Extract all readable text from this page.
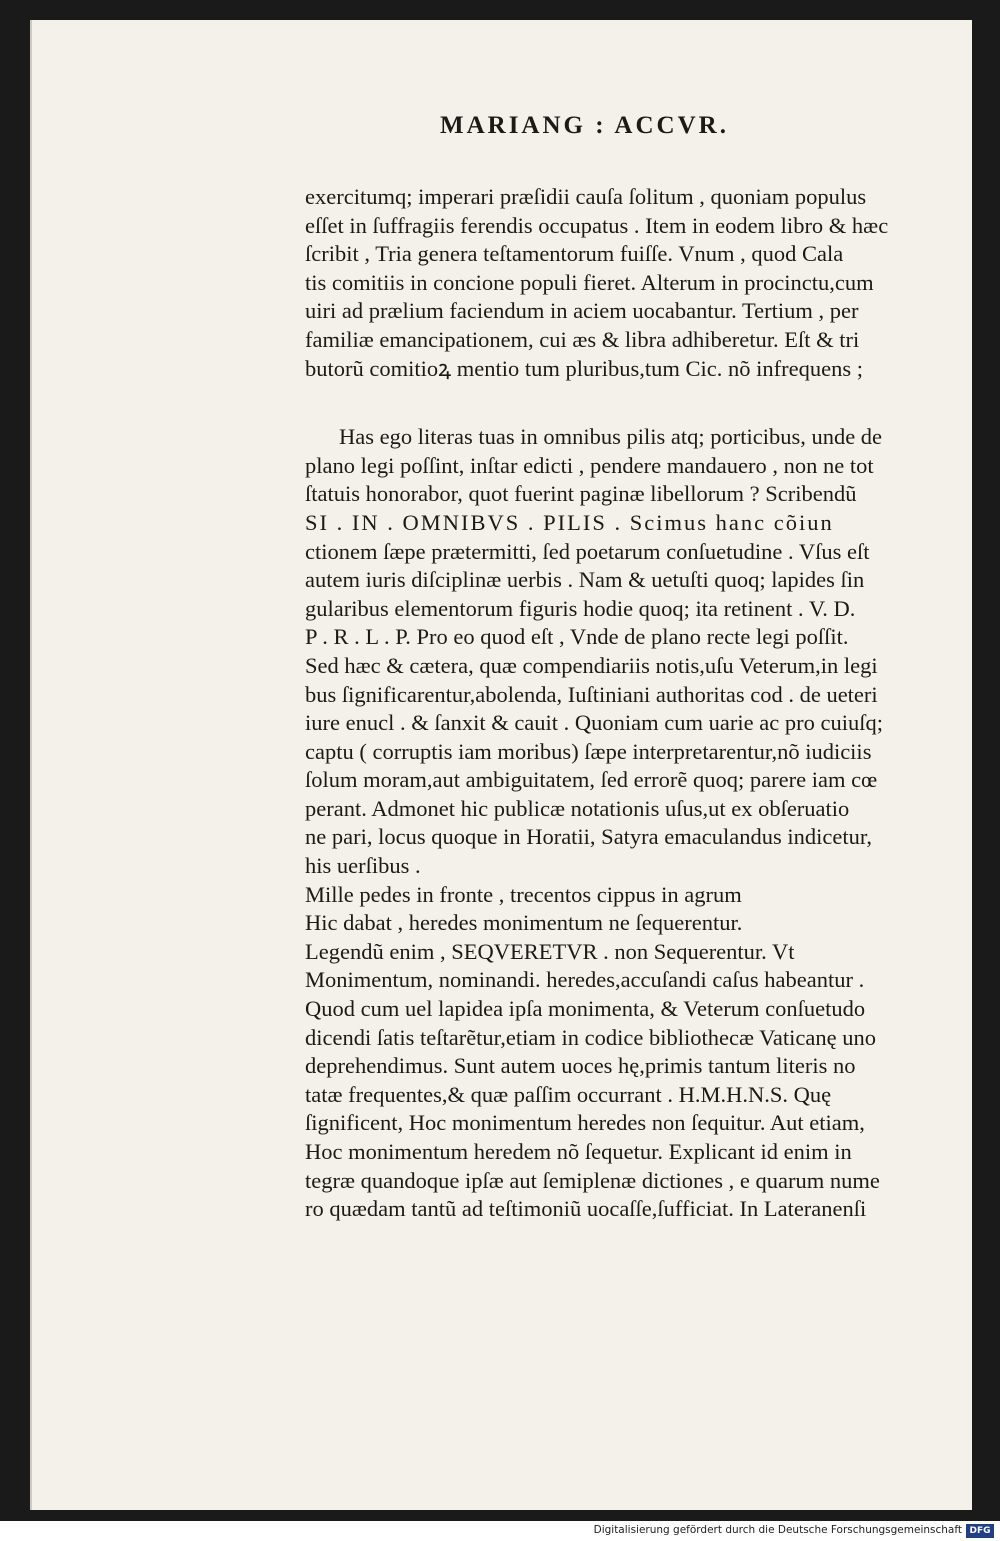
MARIANG : ACCVR.
exercitumq; imperari præſidii cauſa ſolitum , quoniam populus
eſſet in ſuffragiis ferendis occupatus . Item in eodem libro & hæc
ſcribit , Tria genera teſtamentorum fuiſſe. Vnum , quod Cala
tis comitiis in concione populi fieret. Alterum in procinctu,cum
uiri ad prælium faciendum in aciem uocabantur. Tertium , per
familiæ emancipationem, cui æs & libra adhiberetur. Eſt & tri
butorũ comitioꝝ mentio tum pluribus,tum Cic. nõ infrequens ;
Has ego literas tuas in omnibus pilis atq; porticibus, unde de
plano legi poſſint, inſtar edicti , pendere mandauero , non ne tot
ſtatuis honorabor, quot fuerint paginæ libellorum ? Scribendũ
SI . IN . OMNIBVS . PILIS . Scimus hanc cõiun
ctionem ſæpe prætermitti, ſed poetarum conſuetudine . Vſus eſt
autem iuris diſciplinæ uerbis . Nam & uetuſti quoq; lapides ſin
gularibus elementorum figuris hodie quoq; ita retinent . V. D.
P . R . L . P. Pro eo quod eſt , Vnde de plano recte legi poſſit.
Sed hæc & cætera, quæ compendiariis notis,uſu Veterum,in legi
bus ſignificarentur,abolenda, Iuſtiniani authoritas cod . de ueteri
iure enucl . & ſanxit & cauit . Quoniam cum uarie ac pro cuiuſq;
captu ( corruptis iam moribus) ſæpe interpretarentur,nõ iudiciis
ſolum moram,aut ambiguitatem, ſed errorẽ quoq; parere iam cœ
perant. Admonet hic publicæ notationis uſus,ut ex obſeruatio
ne pari, locus quoque in Horatii, Satyra emaculandus indicetur,
his uerſibus .
Mille pedes in fronte , trecentos cippus in agrum
Hic dabat , heredes monimentum ne ſequerentur.
Legendũ enim , SEQVERETVR . non Sequerentur. Vt
Monimentum, nominandi. heredes,accuſandi caſus habeantur .
Quod cum uel lapidea ipſa monimenta, & Veterum conſuetudo
dicendi ſatis teſtarẽtur,etiam in codice bibliothecæ Vaticanę uno
deprehendimus. Sunt autem uoces hę,primis tantum literis no
tatæ frequentes,& quæ paſſim occurrant . H.M.H.N.S. Quę
ſignificent, Hoc monimentum heredes non ſequitur. Aut etiam,
Hoc monimentum heredem nõ ſequetur. Explicant id enim in
tegræ quandoque ipſæ aut ſemiplenæ dictiones , e quarum nume
ro quædam tantũ ad teſtimoniũ uocaſſe,ſufficiat. In Lateranenſi
Digitalisierung gefördert durch die Deutsche Forschungsgemeinschaft DFG
